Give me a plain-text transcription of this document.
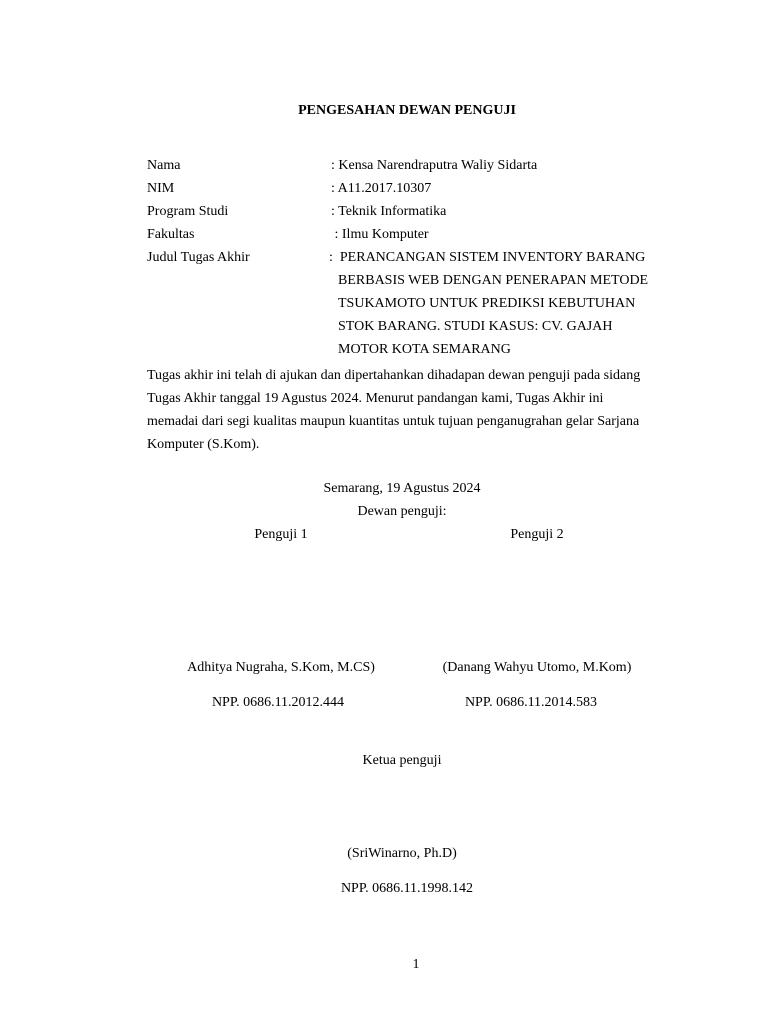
PENGESAHAN DEWAN PENGUJI
Nama	: Kensa Narendraputra Waliy Sidarta
NIM	: A11.2017.10307
Program Studi	: Teknik Informatika
Fakultas	: Ilmu Komputer
Judul Tugas Akhir	:  PERANCANGAN SISTEM INVENTORY BARANG
BERBASIS WEB DENGAN PENERAPAN METODE
TSUKAMOTO UNTUK PREDIKSI KEBUTUHAN
STOK BARANG. STUDI KASUS: CV. GAJAH
MOTOR KOTA SEMARANG
Tugas akhir ini telah di ajukan dan dipertahankan dihadapan dewan penguji pada sidang Tugas Akhir tanggal 19 Agustus 2024. Menurut pandangan kami, Tugas Akhir ini memadai dari segi kualitas maupun kuantitas untuk tujuan penganugrahan gelar Sarjana Komputer (S.Kom).
Semarang, 19 Agustus 2024
Dewan penguji:
Penguji 1	Penguji 2
Adhitya Nugraha, S.Kom, M.CS)	(Danang Wahyu Utomo, M.Kom)
NPP. 0686.11.2012.444	NPP. 0686.11.2014.583
Ketua penguji
(SriWinarno, Ph.D)
NPP. 0686.11.1998.142
1
